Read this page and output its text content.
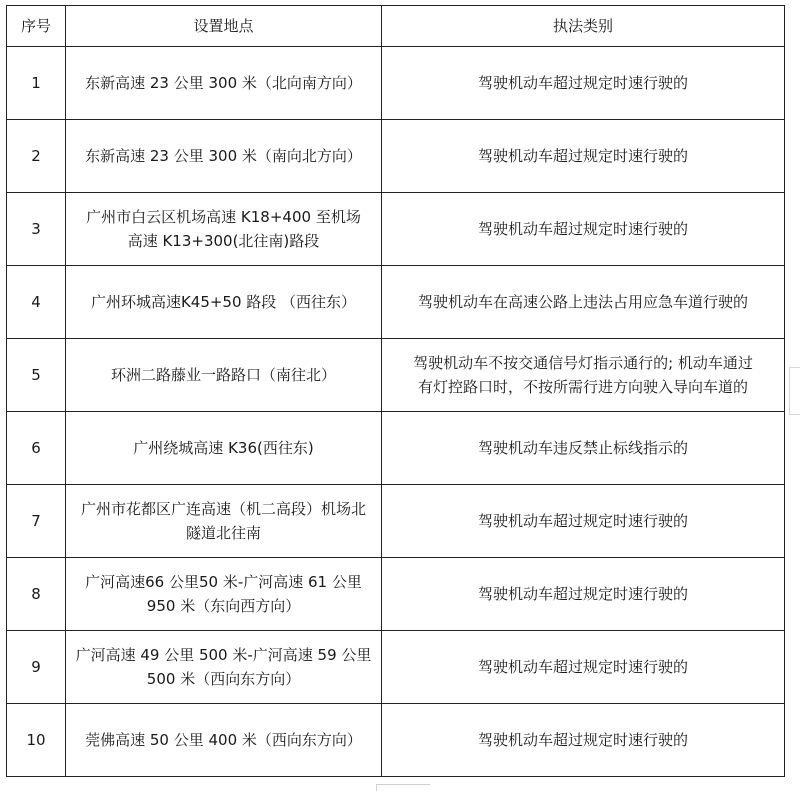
序号	设置地点	执法类别
1	东新高速 23 公里 300 米（北向南方向）	驾驶机动车超过规定时速行驶的

2	东新高速 23 公里 300 米（南向北方向）	驾驶机动车超过规定时速行驶的

3	广州市白云区机场高速 K18+400 至机场
高速 K13+300(北往南)路段	驾驶机动车超过规定时速行驶的

4	广州环城高速K45+50 路段 （西往东）	驾驶机动车在高速公路上违法占用应急车道行驶的

5	环洲二路藤业一路路口（南往北）	驾驶机动车不按交通信号灯指示通行的; 机动车通过
有灯控路口时，不按所需行进方向驶入导向车道的

6	广州绕城高速 K36(西往东)	驾驶机动车违反禁止标线指示的

7	广州市花都区广连高速（机二高段）机场北
隧道北往南	驾驶机动车超过规定时速行驶的

8	广河高速66 公里50 米-广河高速 61 公里
950 米（东向西方向）	驾驶机动车超过规定时速行驶的

9	广河高速 49 公里 500 米-广河高速 59 公里
500 米（西向东方向）	驾驶机动车超过规定时速行驶的

10	莞佛高速 50 公里 400 米（西向东方向）	驾驶机动车超过规定时速行驶的
